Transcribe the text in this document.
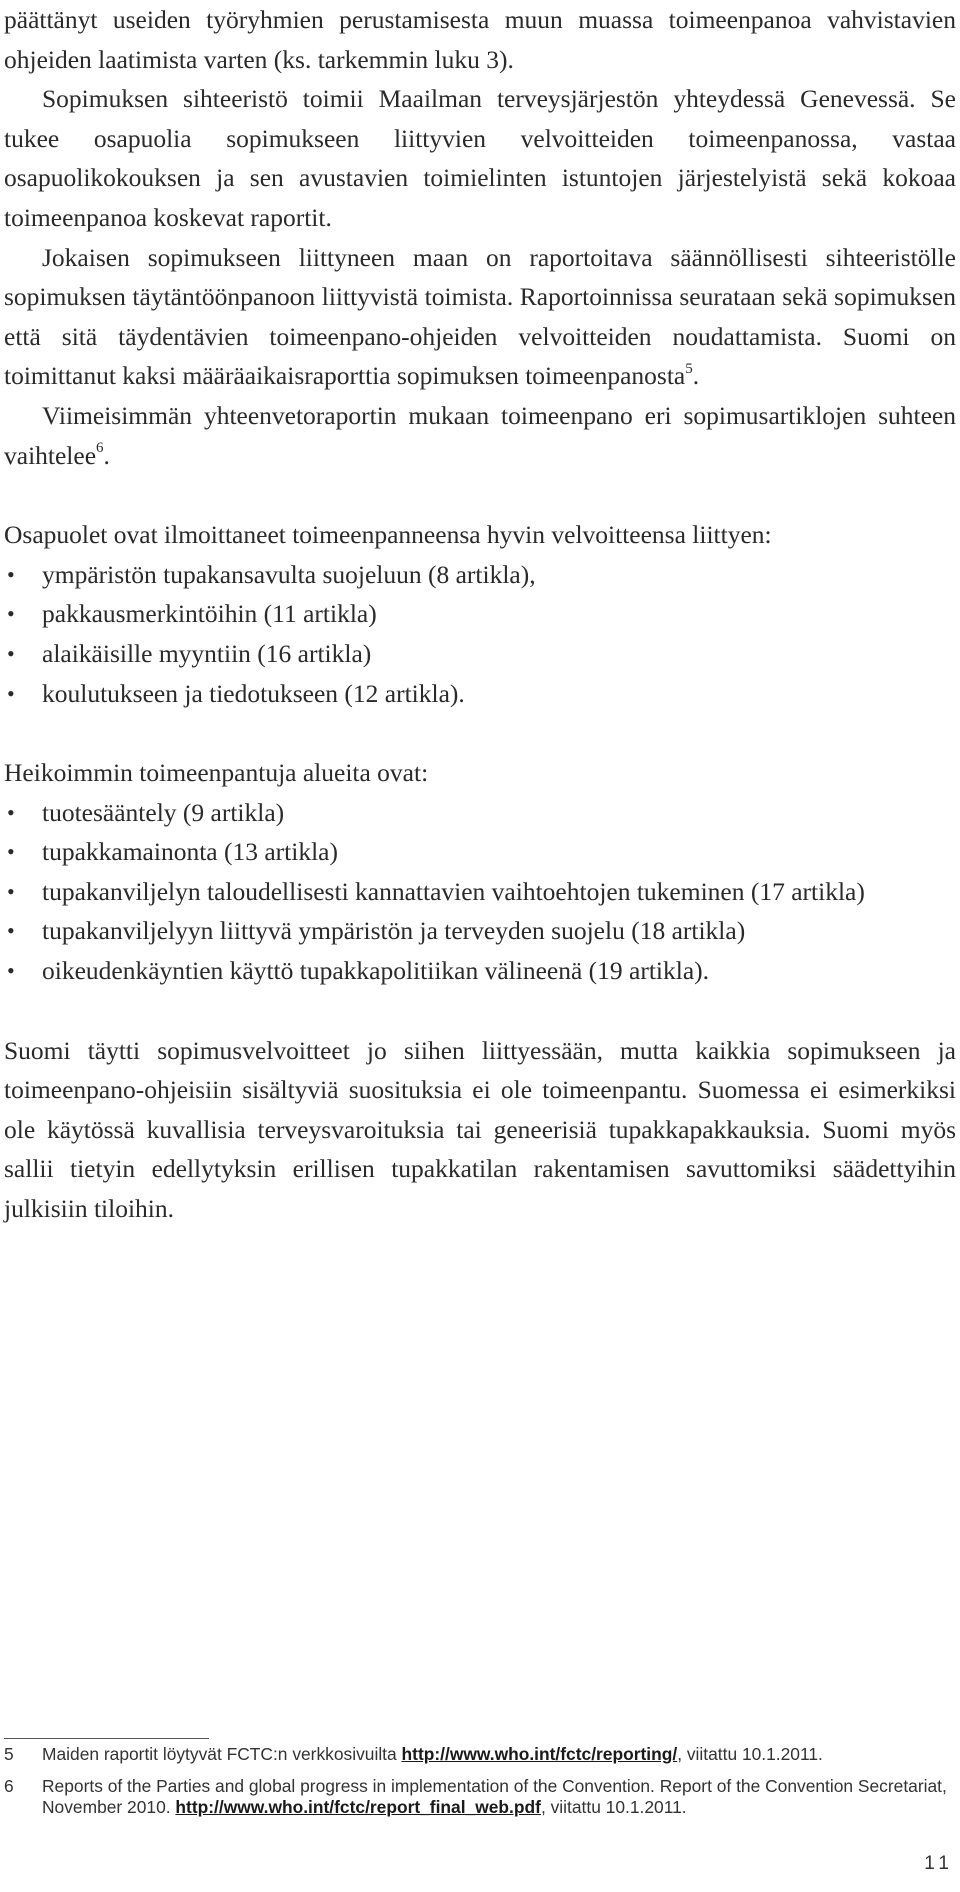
päättänyt useiden työryhmien perustamisesta muun muassa toimeenpanoa vahvistavien ohjeiden laatimista varten (ks. tarkemmin luku 3).

Sopimuksen sihteeristö toimii Maailman terveysjärjestön yhteydessä Genevessä. Se tukee osapuolia sopimukseen liittyvien velvoitteiden toimeenpanossa, vastaa osapuolikokouksen ja sen avustavien toimielinten istuntojen järjestelyistä sekä kokoaa toimeenpanoa koskevat raportit.

Jokaisen sopimukseen liittyneen maan on raportoitava säännöllisesti sihteeristölle sopimuksen täytäntöönpanoon liittyvistä toimista. Raportoinnissa seurataan sekä sopimuksen että sitä täydentävien toimeenpano-ohjeiden velvoitteiden noudattamista. Suomi on toimittanut kaksi määräaikaisraporttia sopimuksen toimeenpanosta$^5$.

Viimeisimmän yhteenvetoraportin mukaan toimeenpano eri sopimusartiklojen suhteen vaihtelee$^6$.

Osapuolet ovat ilmoittaneet toimeenpanneensa hyvin velvoitteensa liittyen:

• ympäristön tupakansavulta suojeluun (8 artikla),
• pakkausmerkintöihin (11 artikla)
• alaikäisille myyntiin (16 artikla)
• koulutukseen ja tiedotukseen (12 artikla).

Heikoimmin toimeenpantuja alueita ovat:

• tuotesääntely (9 artikla)
• tupakkamainonta (13 artikla)
• tupakanviljelyn taloudellisesti kannattavien vaihtoehtojen tukeminen (17 artikla)
• tupakanviljelyyn liittyvä ympäristön ja terveyden suojelu (18 artikla)
• oikeudenkäyntien käyttö tupakkapolitiikan välineenä (19 artikla).

Suomi täytti sopimusvelvoitteet jo siihen liittyessään, mutta kaikkia sopimukseen ja toimeenpano-ohjeisiin sisältyviä suosituksia ei ole toimeenpantu. Suomessa ei esimerkiksi ole käytössä kuvallisia terveysvaroituksia tai geneerisiä tupakkapakkauksia. Suomi myös sallii tietyin edellytyksin erillisen tupakkatilan rakentamisen savuttomiksi säädettyihin julkisiin tiloihin.

5 Maiden raportit löytyvät FCTC:n verkkosivuilta http://www.who.int/fctc/reporting/, viitattu 10.1.2011.
6 Reports of the Parties and global progress in implementation of the Convention. Report of the Convention Secretariat, November 2010. http://www.who.int/fctc/report_final_web.pdf, viitattu 10.1.2011.
11
